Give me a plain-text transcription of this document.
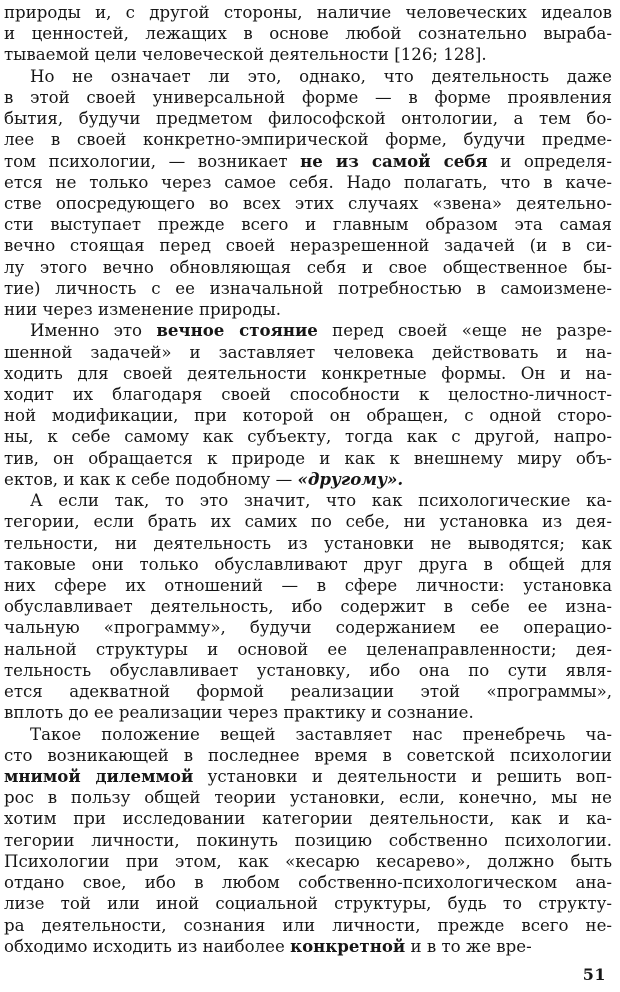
природы и, с другой стороны, наличие человеческих идеалов
и ценностей, лежащих в основе любой сознательно выраба-
тываемой цели человеческой деятельности [126; 128].
Но не означает ли это, однако, что деятельность даже
в этой своей универсальной форме — в форме проявления
бытия, будучи предметом философской онтологии, а тем бо-
лее в своей конкретно-эмпирической форме, будучи предме-
том психологии, — возникает не из самой себя и определя-
ется не только через самое себя. Надо полагать, что в каче-
стве опосредующего во всех этих случаях «звена» деятельно-
сти выступает прежде всего и главным образом эта самая
вечно стоящая перед своей неразрешенной задачей (и в си-
лу этого вечно обновляющая себя и свое общественное бы-
тие) личность с ее изначальной потребностью в самоизмене-
нии через изменение природы.
Именно это вечное стояние перед своей «еще не разре-
шенной задачей» и заставляет человека действовать и на-
ходить для своей деятельности конкретные формы. Он и на-
ходит их благодаря своей способности к целостно-личност-
ной модификации, при которой он обращен, с одной сторо-
ны, к себе самому как субъекту, тогда как с другой, напро-
тив, он обращается к природе и как к внешнему миру объ-
ектов, и как к себе подобному — «другому».
А если так, то это значит, что как психологические ка-
тегории, если брать их самих по себе, ни установка из дея-
тельности, ни деятельность из установки не выводятся; как
таковые они только обуславливают друг друга в общей для
них сфере их отношений — в сфере личности: установка
обуславливает деятельность, ибо содержит в себе ее изна-
чальную «программу», будучи содержанием ее операцио-
нальной структуры и основой ее целенаправленности; дея-
тельность обуславливает установку, ибо она по сути явля-
ется адекватной формой реализации этой «программы»,
вплоть до ее реализации через практику и сознание.
Такое положение вещей заставляет нас пренебречь ча-
сто возникающей в последнее время в советской психологии
мнимой дилеммой установки и деятельности и решить воп-
рос в пользу общей теории установки, если, конечно, мы не
хотим при исследовании категории деятельности, как и ка-
тегории личности, покинуть позицию собственно психологии.
Психологии при этом, как «кесарю кесарево», должно быть
отдано свое, ибо в любом собственно-психологическом ана-
лизе той или иной социальной структуры, будь то структу-
ра деятельности, сознания или личности, прежде всего не-
обходимо исходить из наиболее конкретной и в то же вре-
51
